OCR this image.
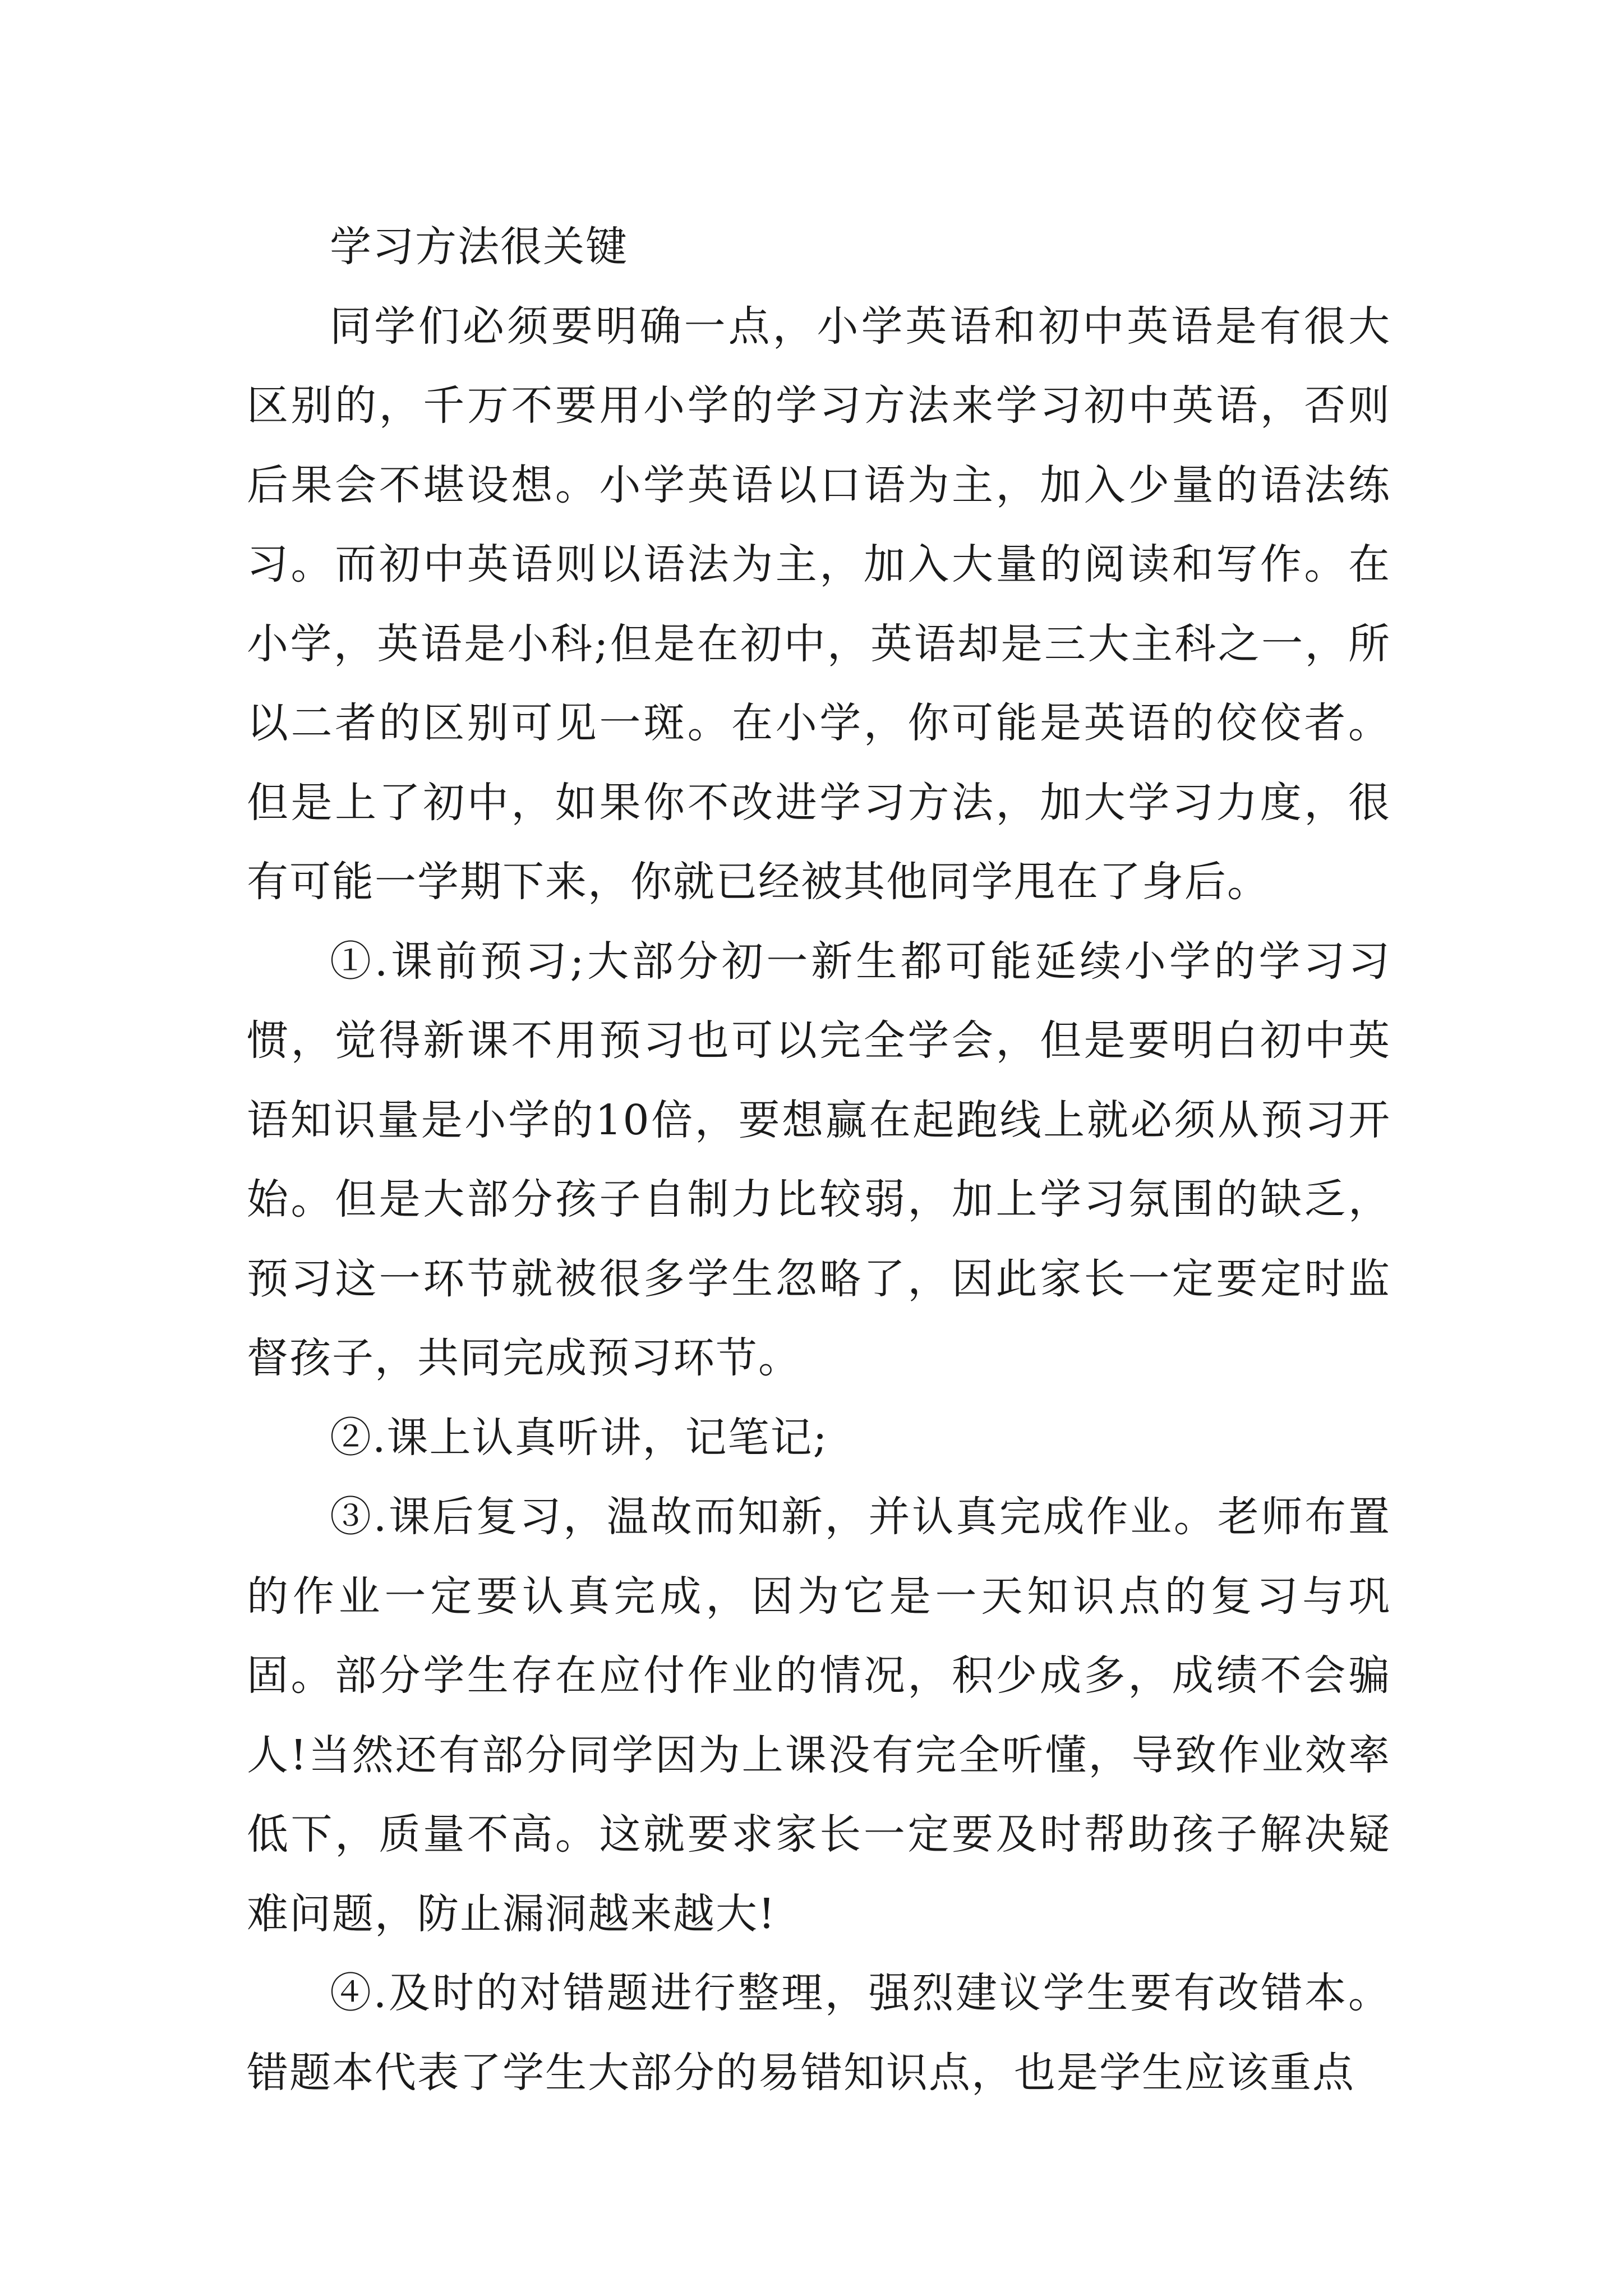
学习方法很关键

同学们必须要明确一点，小学英语和初中英语是有很大区别的，千万不要用小学的学习方法来学习初中英语，否则后果会不堪设想。小学英语以口语为主，加入少量的语法练习。而初中英语则以语法为主，加入大量的阅读和写作。在小学，英语是小科;但是在初中，英语却是三大主科之一，所以二者的区别可见一斑。在小学，你可能是英语的佼佼者。但是上了初中，如果你不改进学习方法，加大学习力度，很有可能一学期下来，你就已经被其他同学甩在了身后。

①.课前预习;大部分初一新生都可能延续小学的学习习惯，觉得新课不用预习也可以完全学会，但是要明白初中英语知识量是小学的10倍，要想赢在起跑线上就必须从预习开始。但是大部分孩子自制力比较弱，加上学习氛围的缺乏，预习这一环节就被很多学生忽略了，因此家长一定要定时监督孩子，共同完成预习环节。

②.课上认真听讲，记笔记;

③.课后复习，温故而知新，并认真完成作业。老师布置的作业一定要认真完成，因为它是一天知识点的复习与巩固。部分学生存在应付作业的情况，积少成多，成绩不会骗人!当然还有部分同学因为上课没有完全听懂，导致作业效率低下，质量不高。这就要求家长一定要及时帮助孩子解决疑难问题，防止漏洞越来越大!

④.及时的对错题进行整理，强烈建议学生要有改错本。错题本代表了学生大部分的易错知识点，也是学生应该重点
